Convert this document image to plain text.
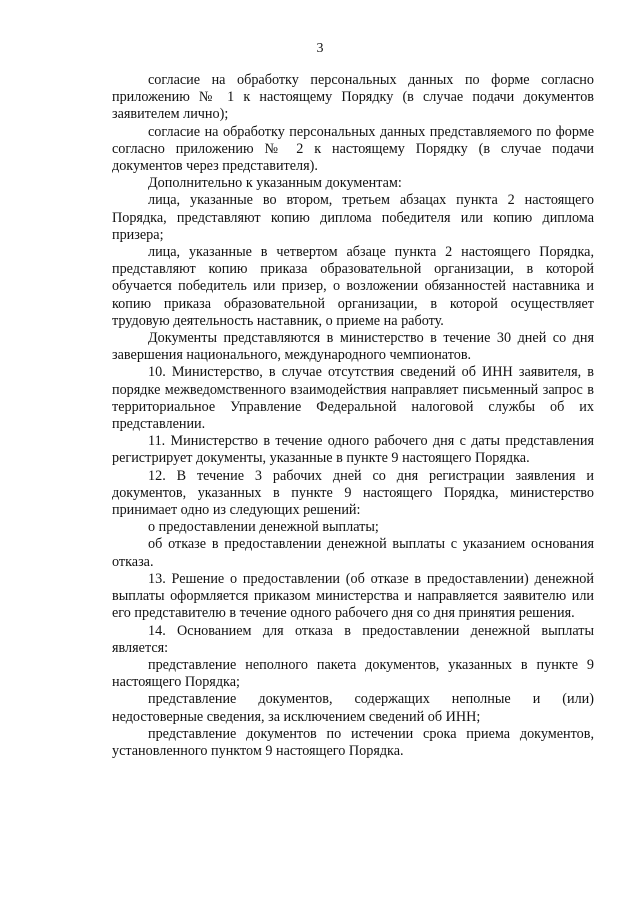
3

согласие на обработку персональных данных по форме согласно приложению № 1 к настоящему Порядку (в случае подачи документов заявителем лично);

согласие на обработку персональных данных представляемого по форме согласно приложению № 2 к настоящему Порядку (в случае подачи документов через представителя).

Дополнительно к указанным документам:

лица, указанные во втором, третьем абзацах пункта 2 настоящего Порядка, представляют копию диплома победителя или копию диплома призера;

лица, указанные в четвертом абзаце пункта 2 настоящего Порядка, представляют копию приказа образовательной организации, в которой обучается победитель или призер, о возложении обязанностей наставника и копию приказа образовательной организации, в которой осуществляет трудовую деятельность наставник, о приеме на работу.

Документы представляются в министерство в течение 30 дней со дня завершения национального, международного чемпионатов.

10. Министерство, в случае отсутствия сведений об ИНН заявителя, в порядке межведомственного взаимодействия направляет письменный запрос в территориальное Управление Федеральной налоговой службы об их представлении.

11. Министерство в течение одного рабочего дня с даты представления регистрирует документы, указанные в пункте 9 настоящего Порядка.

12. В течение 3 рабочих дней со дня регистрации заявления и документов, указанных в пункте 9 настоящего Порядка, министерство принимает одно из следующих решений:

о предоставлении денежной выплаты;

об отказе в предоставлении денежной выплаты с указанием основания отказа.

13. Решение о предоставлении (об отказе в предоставлении) денежной выплаты оформляется приказом министерства и направляется заявителю или его представителю в течение одного рабочего дня со дня принятия решения.

14. Основанием для отказа в предоставлении денежной выплаты является:

представление неполного пакета документов, указанных в пункте 9 настоящего Порядка;

представление документов, содержащих неполные и (или) недостоверные сведения, за исключением сведений об ИНН;

представление документов по истечении срока приема документов, установленного пунктом 9 настоящего Порядка.
